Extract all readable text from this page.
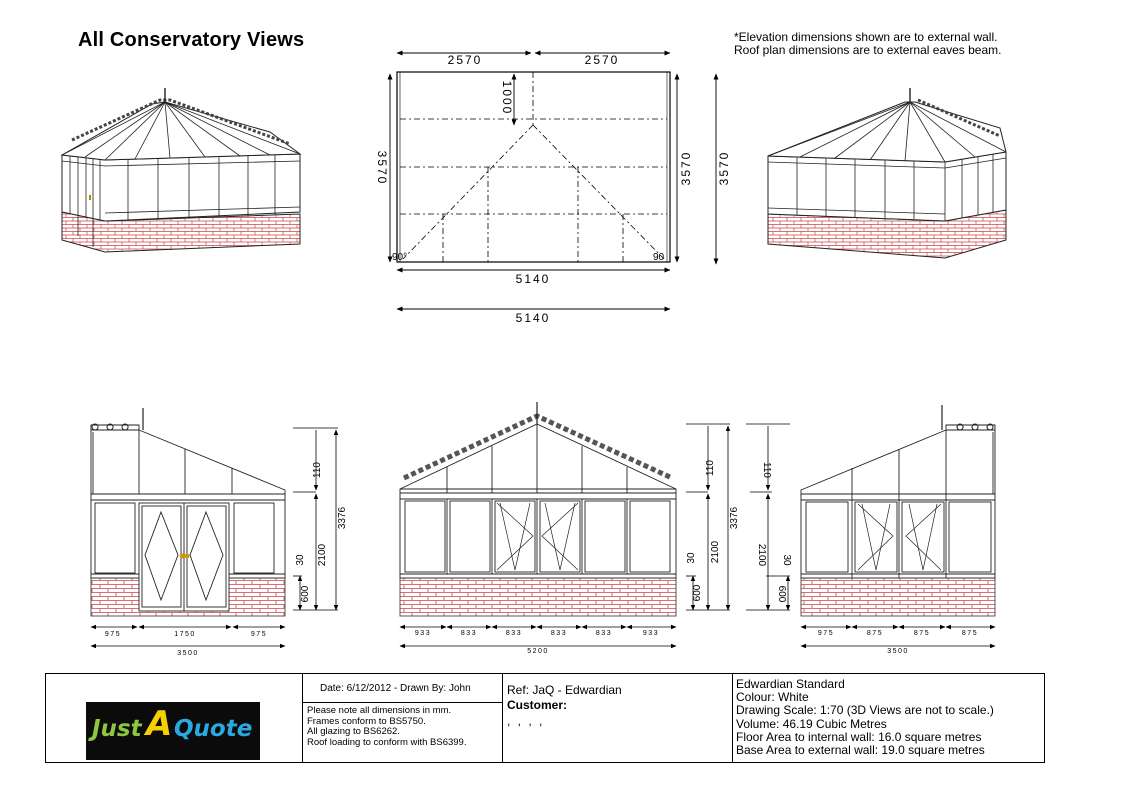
All Conservatory Views	*Elevation dimensions shown are to external wall.
Roof plan dimensions are to external eaves beam.
2570	2570
1000
3570	3570 3570
5140
5140
90°	90
975	1750	975
3500
110
2100
30
600
3376
933	833	833	833	833	933
5200
110
2100
30
600
3376
975	875	875	875
3500
110
2100 30
600
Just A Quote
Date: 6/12/2012 - Drawn By: John
Please note all dimensions in mm.
Frames conform to BS5750.
All glazing to BS6262.
Roof loading to conform with BS6399.
Ref: JaQ - Edwardian
Customer:
, , , ,
Edwardian Standard
Colour: White
Drawing Scale: 1:70 (3D Views are not to scale.)
Volume: 46.19 Cubic Metres
Floor Area to internal wall: 16.0 square metres
Base Area to external wall: 19.0 square metres
